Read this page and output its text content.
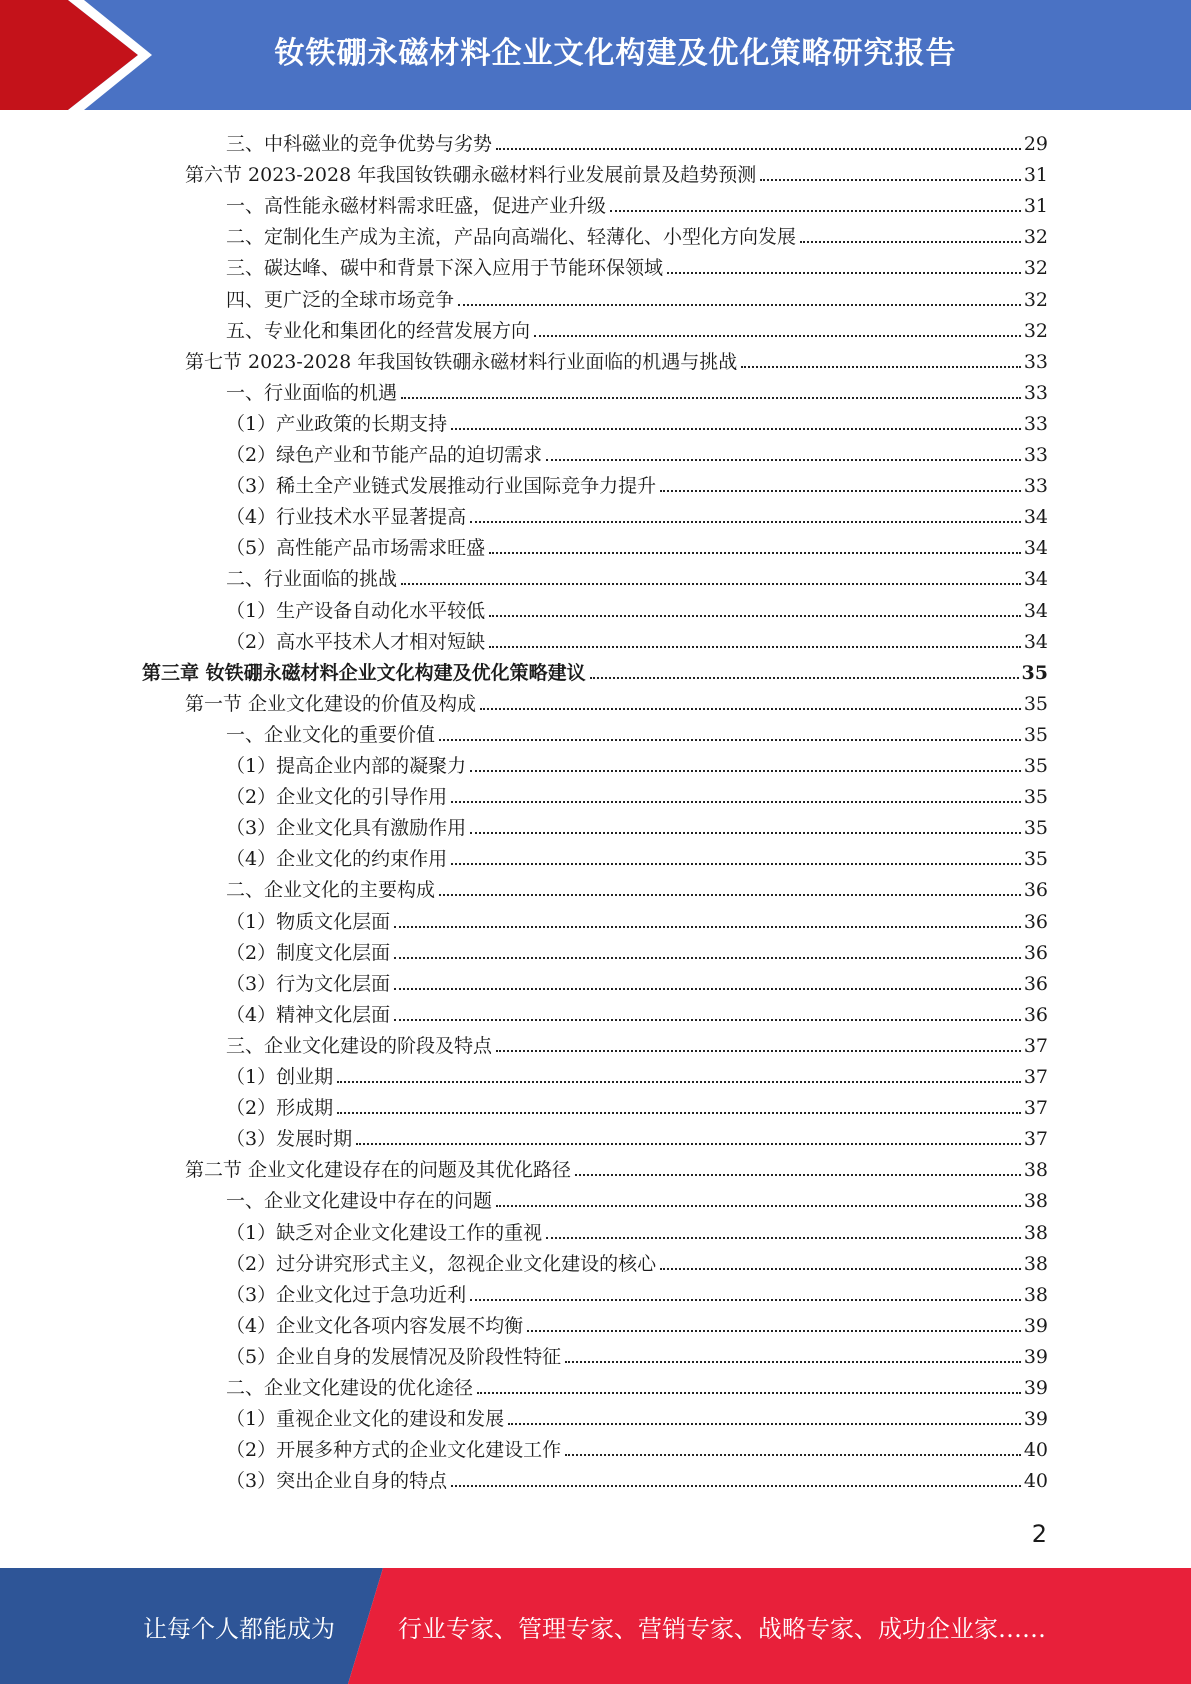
钕铁硼永磁材料企业文化构建及优化策略研究报告
三、中科磁业的竞争优势与劣势	29
第六节 2023-2028 年我国钕铁硼永磁材料行业发展前景及趋势预测	31
一、高性能永磁材料需求旺盛，促进产业升级	31
二、定制化生产成为主流，产品向高端化、轻薄化、小型化方向发展	32
三、碳达峰、碳中和背景下深入应用于节能环保领域	32
四、更广泛的全球市场竞争	32
五、专业化和集团化的经营发展方向	32
第七节 2023-2028 年我国钕铁硼永磁材料行业面临的机遇与挑战	33
一、行业面临的机遇	33
（1）产业政策的长期支持	33
（2）绿色产业和节能产品的迫切需求	33
（3）稀土全产业链式发展推动行业国际竞争力提升	33
（4）行业技术水平显著提高	34
（5）高性能产品市场需求旺盛	34
二、行业面临的挑战	34
（1）生产设备自动化水平较低	34
（2）高水平技术人才相对短缺	34
第三章 钕铁硼永磁材料企业文化构建及优化策略建议	35
第一节 企业文化建设的价值及构成	35
一、企业文化的重要价值	35
（1）提高企业内部的凝聚力	35
（2）企业文化的引导作用	35
（3）企业文化具有激励作用	35
（4）企业文化的约束作用	35
二、企业文化的主要构成	36
（1）物质文化层面	36
（2）制度文化层面	36
（3）行为文化层面	36
（4）精神文化层面	36
三、企业文化建设的阶段及特点	37
（1）创业期	37
（2）形成期	37
（3）发展时期	37
第二节 企业文化建设存在的问题及其优化路径	38
一、企业文化建设中存在的问题	38
（1）缺乏对企业文化建设工作的重视	38
（2）过分讲究形式主义，忽视企业文化建设的核心	38
（3）企业文化过于急功近利	38
（4）企业文化各项内容发展不均衡	39
（5）企业自身的发展情况及阶段性特征	39
二、企业文化建设的优化途径	39
（1）重视企业文化的建设和发展	39
（2）开展多种方式的企业文化建设工作	40
（3）突出企业自身的特点	40
2
让每个人都能成为	行业专家、管理专家、营销专家、战略专家、成功企业家……
